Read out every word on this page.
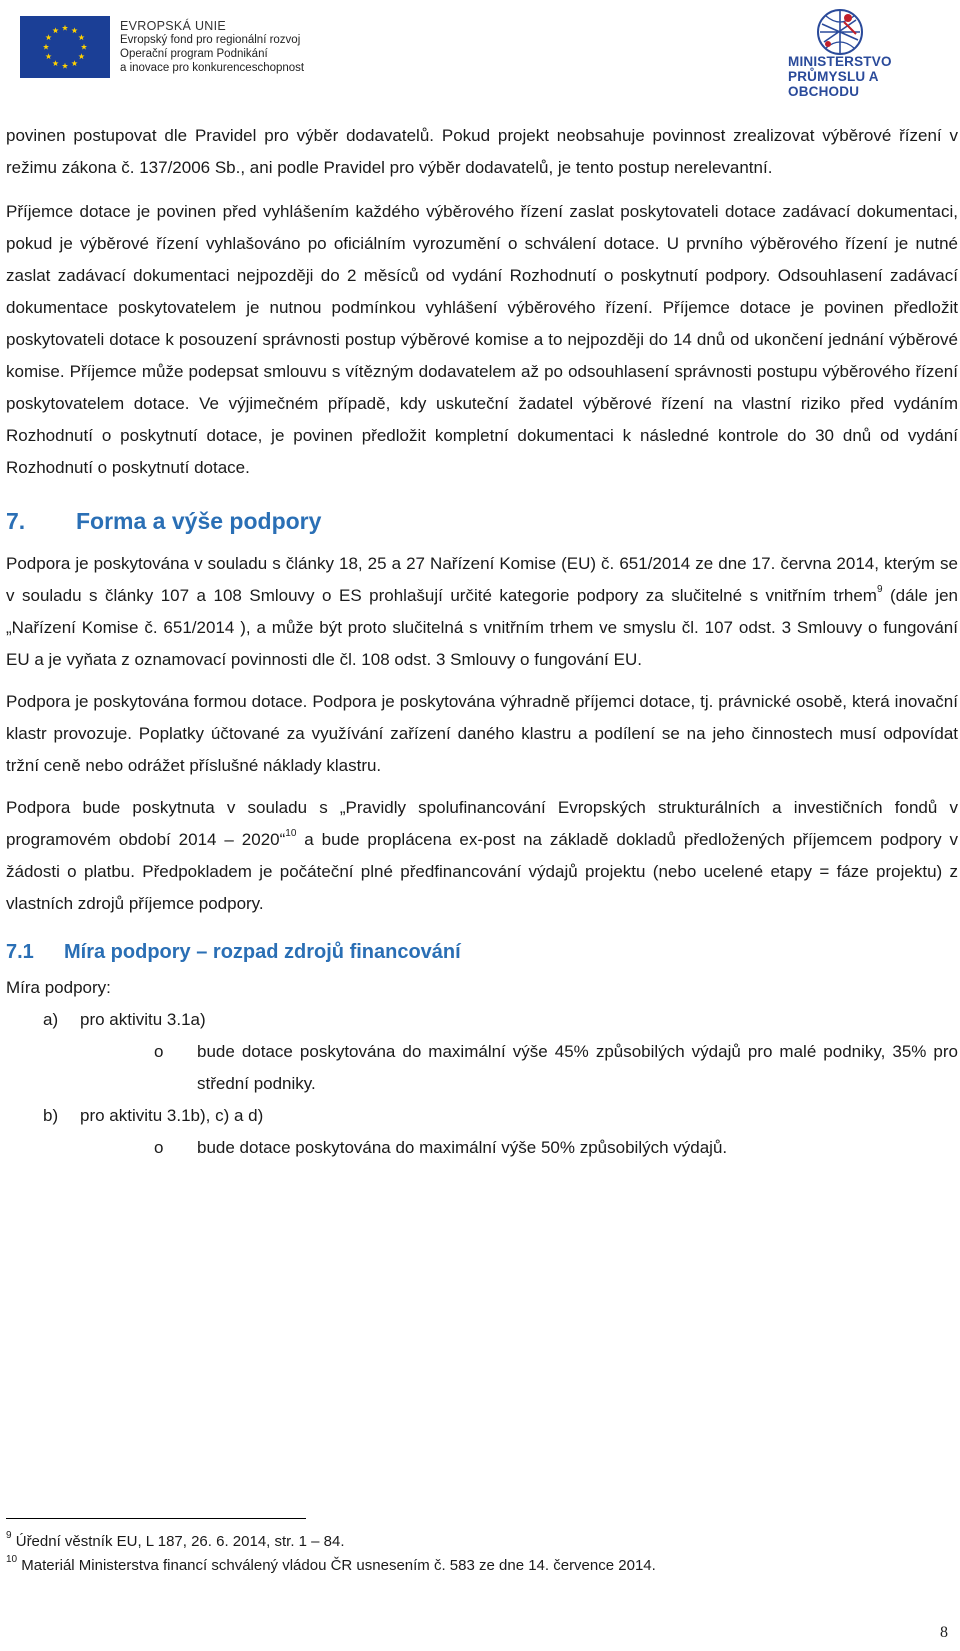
EVROPSKÁ UNIE
Evropský fond pro regionální rozvoj
Operační program Podnikání
a inovace pro konkurenceschopnost	MINISTERSTVO
PRŮMYSLU A OBCHODU

povinen postupovat dle Pravidel pro výběr dodavatelů. Pokud projekt neobsahuje povinnost zrealizovat výběrové řízení v režimu zákona č. 137/2006 Sb., ani podle Pravidel pro výběr dodavatelů, je tento postup nerelevantní.

Příjemce dotace je povinen před vyhlášením každého výběrového řízení zaslat poskytovateli dotace zadávací dokumentaci, pokud je výběrové řízení vyhlašováno po oficiálním vyrozumění o schválení dotace. U prvního výběrového řízení je nutné zaslat zadávací dokumentaci nejpozději do 2 měsíců od vydání Rozhodnutí o poskytnutí podpory. Odsouhlasení zadávací dokumentace poskytovatelem je nutnou podmínkou vyhlášení výběrového řízení. Příjemce dotace je povinen předložit poskytovateli dotace k posouzení správnosti postup výběrové komise a to nejpozději do 14 dnů od ukončení jednání výběrové komise. Příjemce může podepsat smlouvu s vítězným dodavatelem až po odsouhlasení správnosti postupu výběrového řízení poskytovatelem dotace. Ve výjimečném případě, kdy uskuteční žadatel výběrové řízení na vlastní riziko před vydáním Rozhodnutí o poskytnutí dotace, je povinen předložit kompletní dokumentaci k následné kontrole do 30 dnů od vydání Rozhodnutí o poskytnutí dotace.

7.	Forma a výše podpory

Podpora je poskytována v souladu s články 18, 25 a 27 Nařízení Komise (EU) č. 651/2014 ze dne 17. června 2014, kterým se v souladu s články 107 a 108 Smlouvy o ES prohlašují určité kategorie podpory za slučitelné s vnitřním trhem$^9$ (dále jen „Nařízení Komise č. 651/2014 ), a může být proto slučitelná s vnitřním trhem ve smyslu čl. 107 odst. 3 Smlouvy o fungování EU a je vyňata z oznamovací povinnosti dle čl. 108 odst. 3 Smlouvy o fungování EU.

Podpora je poskytována formou dotace. Podpora je poskytována výhradně příjemci dotace, tj. právnické osobě, která inovační klastr provozuje. Poplatky účtované za využívání zařízení daného klastru a podílení se na jeho činnostech musí odpovídat tržní ceně nebo odrážet příslušné náklady klastru.

Podpora bude poskytnuta v souladu s „Pravidly spolufinancování Evropských strukturálních a investičních fondů v programovém období 2014 – 2020“$^{10}$ a bude proplácena ex-post na základě dokladů předložených příjemcem podpory v žádosti o platbu. Předpokladem je počáteční plné předfinancování výdajů projektu (nebo ucelené etapy = fáze projektu) z vlastních zdrojů příjemce podpory.

7.1	Míra podpory – rozpad zdrojů financování
Míra podpory:
a)	pro aktivitu 3.1a)
o	bude dotace poskytována do maximální výše 45% způsobilých výdajů pro malé podniky, 35% pro střední podniky.
b)	pro aktivitu 3.1b), c) a d)
o	bude dotace poskytována do maximální výše 50% způsobilých výdajů.
$^9$ Úřední věstník EU, L 187, 26. 6. 2014, str. 1 – 84.
$^{10}$ Materiál Ministerstva financí schválený vládou ČR usnesením č. 583 ze dne 14. července 2014.
8
